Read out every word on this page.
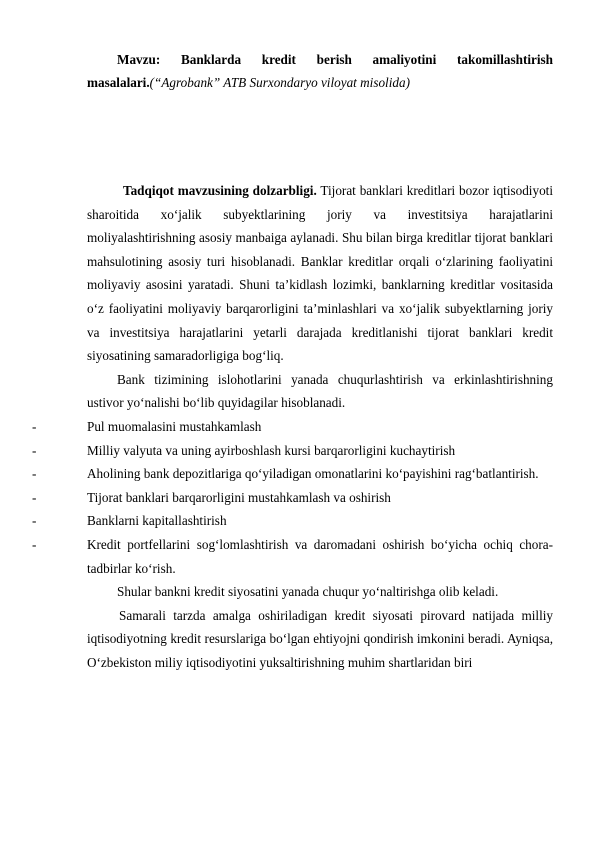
Mavzu: Banklarda kredit berish amaliyotini takomillashtirish
masalalari.(“Agrobank” ATB Surxondaryo viloyat misolida)

Tadqiqot mavzusining dolzarbligi. Tijorat banklari kreditlari bozor iqtisodiyoti sharoitida xo‘jalik subyektlarining joriy va investitsiya harajatlarini moliyalashtirishning asosiy manbaiga aylanadi. Shu bilan birga kreditlar tijorat banklari mahsulotining asosiy turi hisoblanadi. Banklar kreditlar orqali o‘zlarining faoliyatini moliyaviy asosini yaratadi. Shuni ta’kidlash lozimki, banklarning kreditlar vositasida o‘z faoliyatini moliyaviy barqarorligini ta’minlashlari va xo‘jalik subyektlarning joriy va investitsiya harajatlarini yetarli darajada kreditlanishi tijorat banklari kredit siyosatining samaradorligiga bog‘liq.

Bank tizimining islohotlarini yanada chuqurlashtirish va erkinlashtirishning ustivor yo‘nalishi bo‘lib quyidagilar hisoblanadi.

-	Pul muomalasini mustahkamlash
-	Milliy valyuta va uning ayirboshlash kursi barqarorligini kuchaytirish
-	Aholining bank depozitlariga qo‘yiladigan omonatlarini ko‘payishini rag‘batlantirish.
-	Tijorat banklari barqarorligini mustahkamlash va oshirish
-	Banklarni kapitallashtirish
-	Kredit portfellarini sog‘lomlashtirish va daromadani oshirish bo‘yicha ochiq chora-tadbirlar ko‘rish.

Shular bankni kredit siyosatini yanada chuqur yo‘naltirishga olib keladi.

Samarali tarzda amalga oshiriladigan kredit siyosati pirovard natijada milliy iqtisodiyotning kredit resurslariga bo‘lgan ehtiyojni qondirish imkonini beradi. Ayniqsa, O‘zbekiston miliy iqtisodiyotini yuksaltirishning muhim shartlaridan biri
